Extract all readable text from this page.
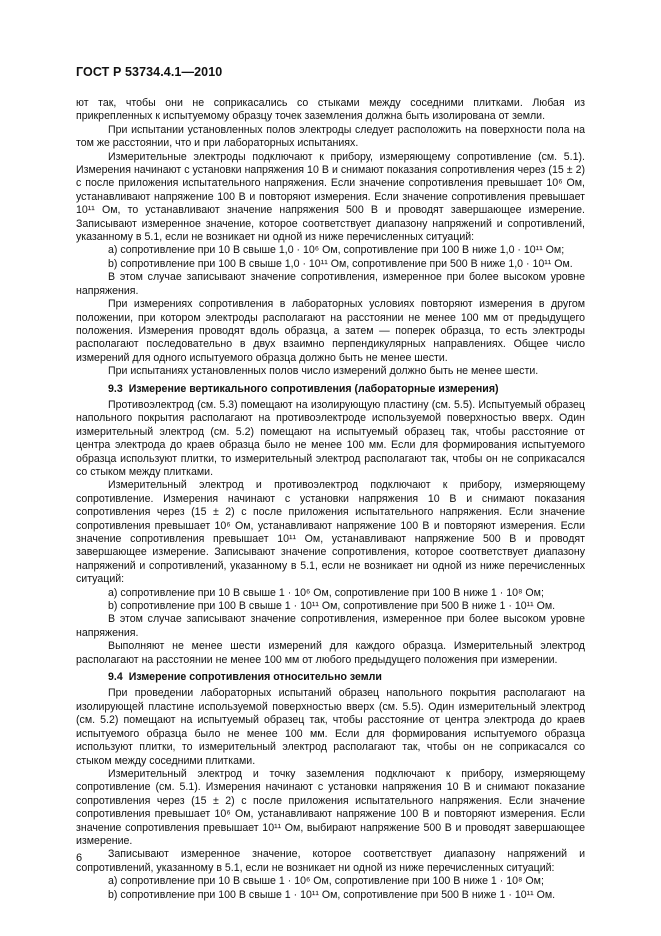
ГОСТ Р 53734.4.1—2010

ют так, чтобы они не соприкасались со стыками между соседними плитками. Любая из прикрепленных к испытуемому образцу точек заземления должна быть изолирована от земли.

При испытании установленных полов электроды следует расположить на поверхности пола на том же расстоянии, что и при лабораторных испытаниях.

Измерительные электроды подключают к прибору, измеряющему сопротивление (см. 5.1). Измерения начинают с установки напряжения 10 В и снимают показания сопротивления через (15 ± 2) с после приложения испытательного напряжения. Если значение сопротивления превышает 10⁶ Ом, устанавливают напряжение 100 В и повторяют измерения. Если значение сопротивления превышает 10¹¹ Ом, то устанавливают значение напряжения 500 В и проводят завершающее измерение. Записывают измеренное значение, которое соответствует диапазону напряжений и сопротивлений, указанному в 5.1, если не возникает ни одной из ниже перечисленных ситуаций:

a) сопротивление при 10 В свыше 1,0 · 10⁶ Ом, сопротивление при 100 В ниже 1,0 · 10¹¹ Ом;

b) сопротивление при 100 В свыше 1,0 · 10¹¹ Ом, сопротивление при 500 В ниже 1,0 · 10¹¹ Ом.

В этом случае записывают значение сопротивления, измеренное при более высоком уровне напряжения.

При измерениях сопротивления в лабораторных условиях повторяют измерения в другом положении, при котором электроды располагают на расстоянии не менее 100 мм от предыдущего положения. Измерения проводят вдоль образца, а затем — поперек образца, то есть электроды располагают последовательно в двух взаимно перпендикулярных направлениях. Общее число измерений для одного испытуемого образца должно быть не менее шести.

При испытаниях установленных полов число измерений должно быть не менее шести.

9.3 Измерение вертикального сопротивления (лабораторные измерения)

Противоэлектрод (см. 5.3) помещают на изолирующую пластину (см. 5.5). Испытуемый образец напольного покрытия располагают на противоэлектроде используемой поверхностью вверх. Один измерительный электрод (см. 5.2) помещают на испытуемый образец так, чтобы расстояние от центра электрода до краев образца было не менее 100 мм. Если для формирования испытуемого образца используют плитки, то измерительный электрод располагают так, чтобы он не соприкасался со стыком между плитками.

Измерительный электрод и противоэлектрод подключают к прибору, измеряющему сопротивление. Измерения начинают с установки напряжения 10 В и снимают показания сопротивления через (15 ± 2) с после приложения испытательного напряжения. Если значение сопротивления превышает 10⁶ Ом, устанавливают напряжение 100 В и повторяют измерения. Если значение сопротивления превышает 10¹¹ Ом, устанавливают напряжение 500 В и проводят завершающее измерение. Записывают значение сопротивления, которое соответствует диапазону напряжений и сопротивлений, указанному в 5.1, если не возникает ни одной из ниже перечисленных ситуаций:

a) сопротивление при 10 В свыше 1 · 10⁶ Ом, сопротивление при 100 В ниже 1 · 10⁸ Ом;

b) сопротивление при 100 В свыше 1 · 10¹¹ Ом, сопротивление при 500 В ниже 1 · 10¹¹ Ом.

В этом случае записывают значение сопротивления, измеренное при более высоком уровне напряжения.

Выполняют не менее шести измерений для каждого образца. Измерительный электрод располагают на расстоянии не менее 100 мм от любого предыдущего положения при измерении.

9.4 Измерение сопротивления относительно земли

При проведении лабораторных испытаний образец напольного покрытия располагают на изолирующей пластине используемой поверхностью вверх (см. 5.5). Один измерительный электрод (см. 5.2) помещают на испытуемый образец так, чтобы расстояние от центра электрода до краев испытуемого образца было не менее 100 мм. Если для формирования испытуемого образца используют плитки, то измерительный электрод располагают так, чтобы он не соприкасался со стыком между соседними плитками.

Измерительный электрод и точку заземления подключают к прибору, измеряющему сопротивление (см. 5.1). Измерения начинают с установки напряжения 10 В и снимают показание сопротивления через (15 ± 2) с после приложения испытательного напряжения. Если значение сопротивления превышает 10⁶ Ом, устанавливают напряжение 100 В и повторяют измерения. Если значение сопротивления превышает 10¹¹ Ом, выбирают напряжение 500 В и проводят завершающее измерение.

Записывают измеренное значение, которое соответствует диапазону напряжений и сопротивлений, указанному в 5.1, если не возникает ни одной из ниже перечисленных ситуаций:

a) сопротивление при 10 В свыше 1 · 10⁶ Ом, сопротивление при 100 В ниже 1 · 10⁸ Ом;

b) сопротивление при 100 В свыше 1 · 10¹¹ Ом, сопротивление при 500 В ниже 1 · 10¹¹ Ом.

6
